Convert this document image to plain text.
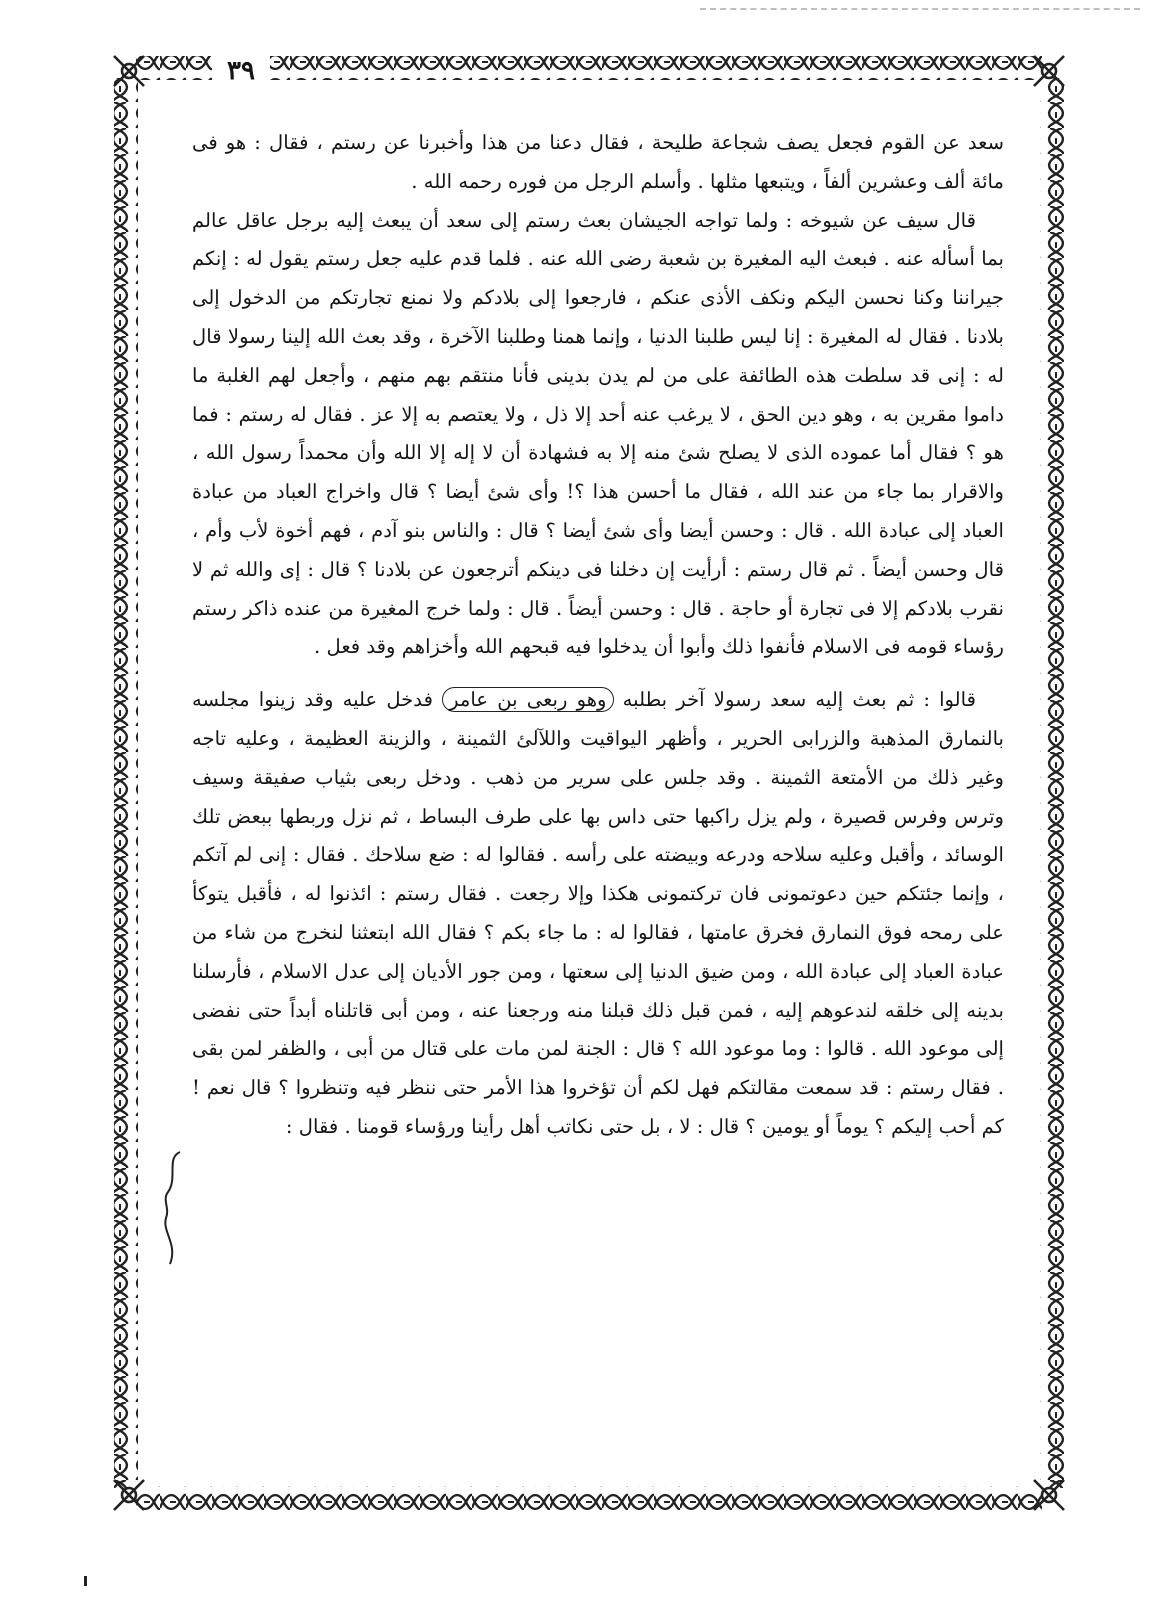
٣٩

سعد عن القوم فجعل يصف شجاعة طليحة ، فقال دعنا من هذا وأخبرنا عن رستم ، فقال : هو فى مائة ألف وعشرين ألفاً ، ويتبعها مثلها . وأسلم الرجل من فوره رحمه الله .

قال سيف عن شيوخه : ولما تواجه الجيشان بعث رستم إلى سعد أن يبعث إليه برجل عاقل عالم بما أسأله عنه . فبعث اليه المغيرة بن شعبة رضى الله عنه . فلما قدم عليه جعل رستم يقول له : إنكم جيراننا وكنا نحسن اليكم ونكف الأذى عنكم ، فارجعوا إلى بلادكم ولا نمنع تجارتكم من الدخول إلى بلادنا . فقال له المغيرة : إنا ليس طلبنا الدنيا ، وإنما همنا وطلبنا الآخرة ، وقد بعث الله إلينا رسولا قال له : إنى قد سلطت هذه الطائفة على من لم يدن بدينى فأنا منتقم بهم منهم ، وأجعل لهم الغلبة ما داموا مقرين به ، وهو دين الحق ، لا يرغب عنه أحد إلا ذل ، ولا يعتصم به إلا عز . فقال له رستم : فما هو ؟ فقال أما عموده الذى لا يصلح شئ منه إلا به فشهادة أن لا إله إلا الله وأن محمداً رسول الله ، والاقرار بما جاء من عند الله ، فقال ما أحسن هذا ؟! وأى شئ أيضا ؟ قال واخراج العباد من عبادة العباد إلى عبادة الله . قال : وحسن أيضا وأى شئ أيضا ؟ قال : والناس بنو آدم ، فهم أخوة لأب وأم ، قال وحسن أيضاً . ثم قال رستم : أرأيت إن دخلنا فى دينكم أترجعون عن بلادنا ؟ قال : إى والله ثم لا نقرب بلادكم إلا فى تجارة أو حاجة . قال : وحسن أيضاً . قال : ولما خرج المغيرة من عنده ذاكر رستم رؤساء قومه فى الاسلام فأنفوا ذلك وأبوا أن يدخلوا فيه قبحهم الله وأخزاهم وقد فعل .

قالوا : ثم بعث إليه سعد رسولا آخر بطلبه وهو ربعى بن عامر فدخل عليه وقد زينوا مجلسه بالنمارق المذهبة والزرابى الحرير ، وأظهر اليواقيت واللآلئ الثمينة ، والزينة العظيمة ، وعليه تاجه وغير ذلك من الأمتعة الثمينة . وقد جلس على سرير من ذهب . ودخل ربعى بثياب صفيقة وسيف وترس وفرس قصيرة ، ولم يزل راكبها حتى داس بها على طرف البساط ، ثم نزل وربطها ببعض تلك الوسائد ، وأقبل وعليه سلاحه ودرعه وبيضته على رأسه . فقالوا له : ضع سلاحك . فقال : إنى لم آتكم ، وإنما جئتكم حين دعوتمونى فان تركتمونى هكذا وإلا رجعت . فقال رستم : ائذنوا له ، فأقبل يتوكأ على رمحه فوق النمارق فخرق عامتها ، فقالوا له : ما جاء بكم ؟ فقال الله ابتعثنا لنخرج من شاء من عبادة العباد إلى عبادة الله ، ومن ضيق الدنيا إلى سعتها ، ومن جور الأديان إلى عدل الاسلام ، فأرسلنا بدينه إلى خلقه لندعوهم إليه ، فمن قبل ذلك قبلنا منه ورجعنا عنه ، ومن أبى قاتلناه أبداً حتى نفضى إلى موعود الله . قالوا : وما موعود الله ؟ قال : الجنة لمن مات على قتال من أبى ، والظفر لمن بقى . فقال رستم : قد سمعت مقالتكم فهل لكم أن تؤخروا هذا الأمر حتى ننظر فيه وتنظروا ؟ قال نعم ! كم أحب إليكم ؟ يوماً أو يومين ؟ قال : لا ، بل حتى نكاتب أهل رأينا ورؤساء قومنا . فقال :
